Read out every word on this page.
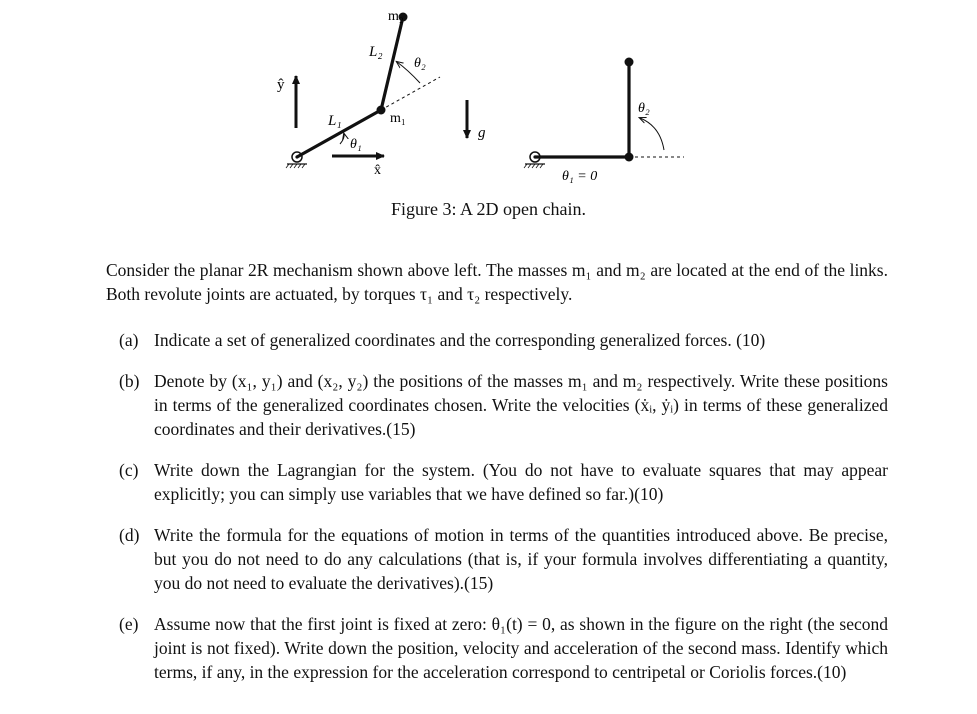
m₂
m₁
L₂
L₁
θ₂
θ₁
ŷ
x̂
g
θ₂
θ₁ = 0
Figure 3: A 2D open chain.
Consider the planar 2R mechanism shown above left. The masses m₁ and m₂ are located at the end of the links. Both revolute joints are actuated, by torques τ₁ and τ₂ respectively.
(a) Indicate a set of generalized coordinates and the corresponding generalized forces. (10)
(b) Denote by (x₁, y₁) and (x₂, y₂) the positions of the masses m₁ and m₂ respectively. Write these positions in terms of the generalized coordinates chosen. Write the velocities (ẋᵢ, ẏᵢ) in terms of these generalized coordinates and their derivatives.(15)
(c) Write down the Lagrangian for the system. (You do not have to evaluate squares that may appear explicitly; you can simply use variables that we have defined so far.)(10)
(d) Write the formula for the equations of motion in terms of the quantities introduced above. Be precise, but you do not need to do any calculations (that is, if your formula involves differentiating a quantity, you do not need to evaluate the derivatives).(15)
(e) Assume now that the first joint is fixed at zero: θ₁(t) = 0, as shown in the figure on the right (the second joint is not fixed). Write down the position, velocity and acceleration of the second mass. Identify which terms, if any, in the expression for the acceleration correspond to centripetal or Coriolis forces.(10)
